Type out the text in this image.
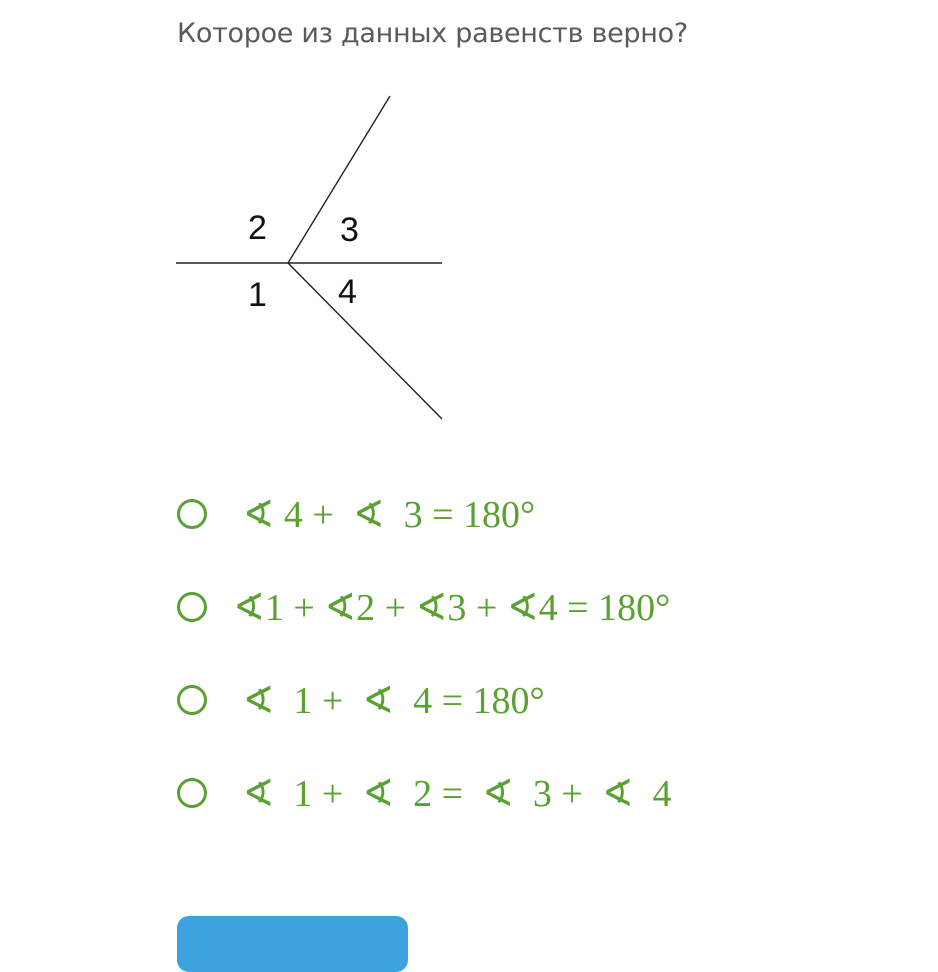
Которое из данных равенств верно?

1
2 3
4
∢ 4 +  ∢  3 = 180°
∢1 + ∢2 + ∢3 + ∢4 = 180°
∢  1 +  ∢  4 = 180°
∢  1 +  ∢  2 =  ∢  3 +  ∢  4
